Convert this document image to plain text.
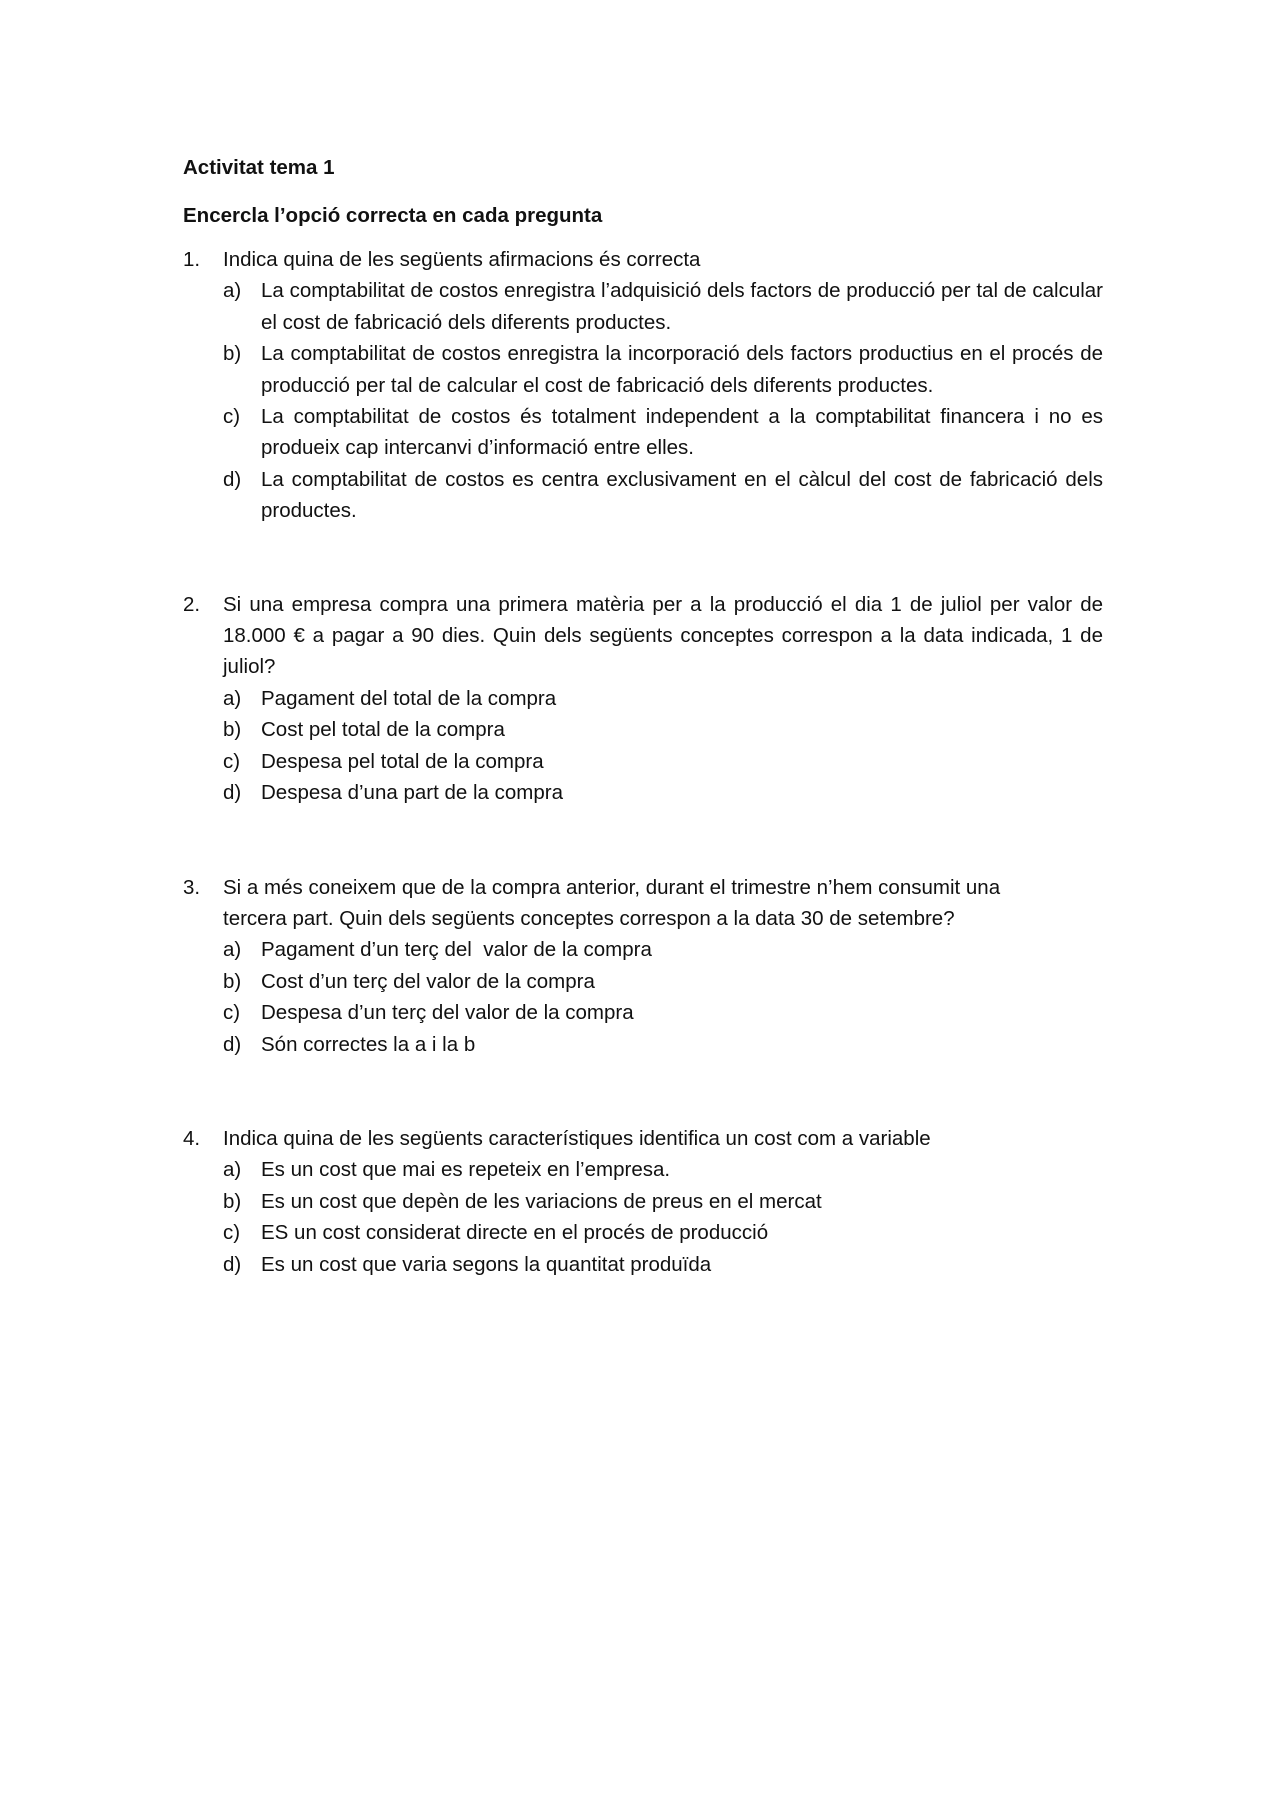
Activitat tema 1
Encercla l’opció correcta en cada pregunta
1.	Indica quina de les següents afirmacions és correcta
a) La comptabilitat de costos enregistra l’adquisició dels factors de producció per tal de calcular el cost de fabricació dels diferents productes.
b) La comptabilitat de costos enregistra la incorporació dels factors productius en el procés de producció per tal de calcular el cost de fabricació dels diferents productes.
c)	La comptabilitat de costos és totalment independent a la comptabilitat financera i no es produeix cap intercanvi d’informació entre elles.
d) La comptabilitat de costos es centra exclusivament en el càlcul del cost de fabricació dels productes.
2.	Si una empresa compra una primera matèria per a la producció el dia 1 de juliol per valor de 18.000 € a pagar a 90 dies. Quin dels següents conceptes correspon a la data indicada, 1 de juliol?
a) Pagament del total de la compra
b) Cost pel total de la compra
c)	Despesa pel total de la compra
d) Despesa d’una part de la compra
3.	Si a més coneixem que de la compra anterior, durant el trimestre n’hem consumit una tercera part. Quin dels següents conceptes correspon a la data 30 de setembre?
a) Pagament d’un terç del  valor de la compra
b) Cost d’un terç del valor de la compra
c)	Despesa d’un terç del valor de la compra
d) Són correctes la a i la b
4.	Indica quina de les següents característiques identifica un cost com a variable
a) Es un cost que mai es repeteix en l’empresa.
b) Es un cost que depèn de les variacions de preus en el mercat
c)	ES un cost considerat directe en el procés de producció
d) Es un cost que varia segons la quantitat produïda
